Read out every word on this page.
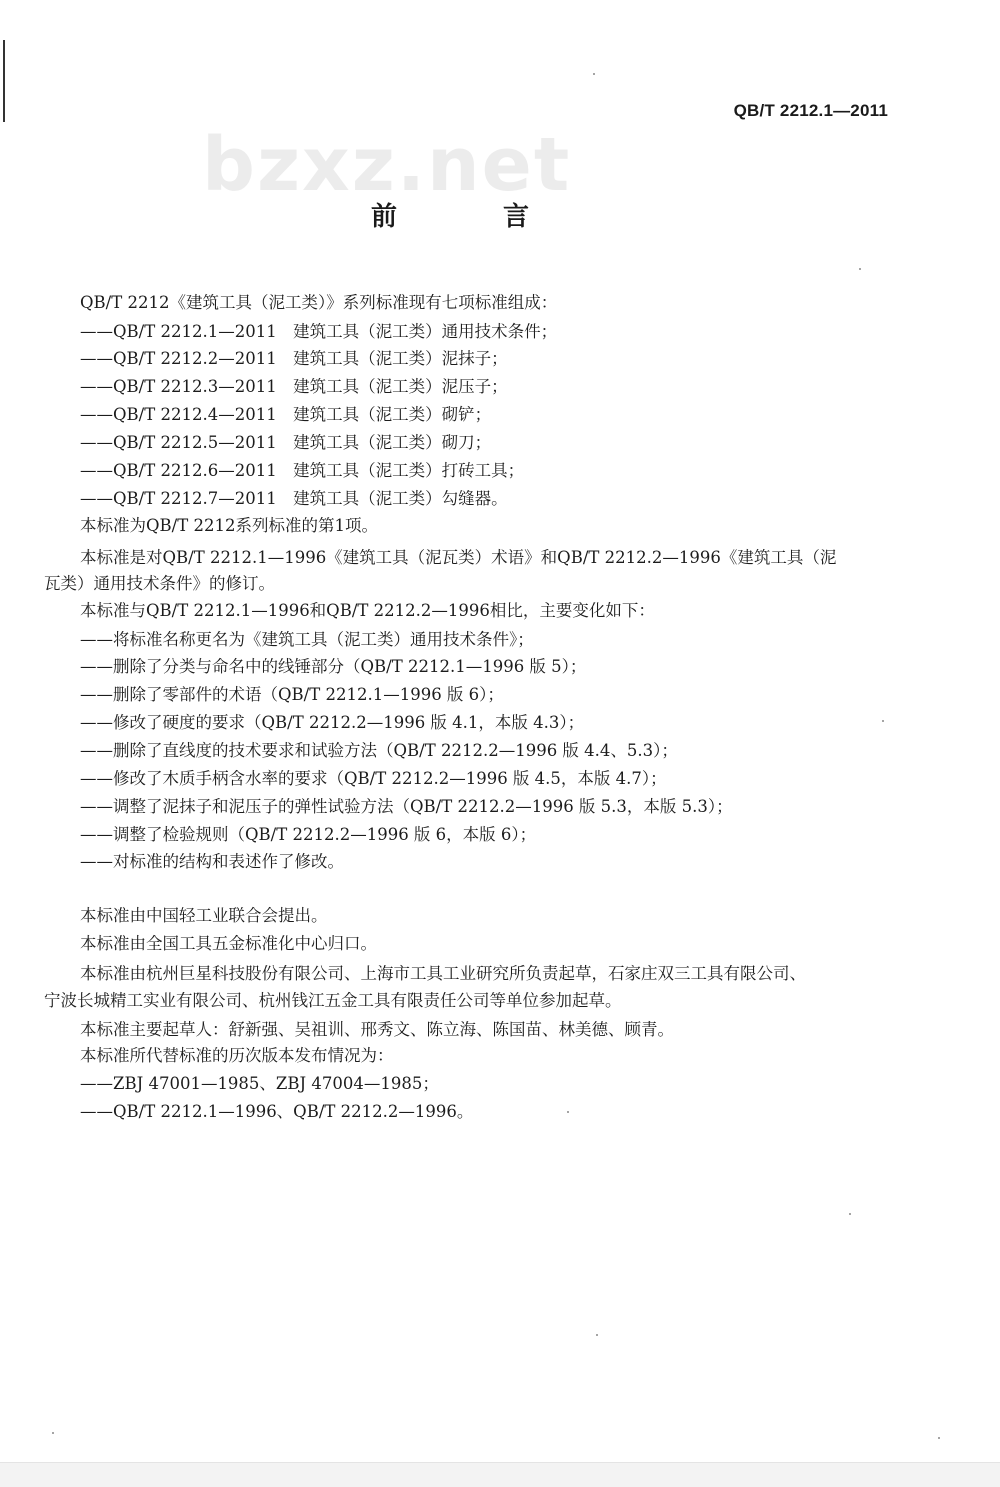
QB/T 2212.1—2011
bzxz.net
前　言
QB/T 2212《建筑工具（泥工类）》系列标准现有七项标准组成：
——QB/T 2212.1—2011　建筑工具（泥工类）通用技术条件；
——QB/T 2212.2—2011　建筑工具（泥工类）泥抹子；
——QB/T 2212.3—2011　建筑工具（泥工类）泥压子；
——QB/T 2212.4—2011　建筑工具（泥工类）砌铲；
——QB/T 2212.5—2011　建筑工具（泥工类）砌刀；
——QB/T 2212.6—2011　建筑工具（泥工类）打砖工具；
——QB/T 2212.7—2011　建筑工具（泥工类）勾缝器。
本标准为QB/T 2212系列标准的第1项。
本标准是对QB/T 2212.1—1996《建筑工具（泥瓦类）术语》和QB/T 2212.2—1996《建筑工具（泥
瓦类）通用技术条件》的修订。
本标准与QB/T 2212.1—1996和QB/T 2212.2—1996相比，主要变化如下：
——将标准名称更名为《建筑工具（泥工类）通用技术条件》；
——删除了分类与命名中的线锤部分（QB/T 2212.1—1996 版 5）；
——删除了零部件的术语（QB/T 2212.1—1996 版 6）；
——修改了硬度的要求（QB/T 2212.2—1996 版 4.1，本版 4.3）；
——删除了直线度的技术要求和试验方法（QB/T 2212.2—1996 版 4.4、5.3）；
——修改了木质手柄含水率的要求（QB/T 2212.2—1996 版 4.5，本版 4.7）；
——调整了泥抹子和泥压子的弹性试验方法（QB/T 2212.2—1996 版 5.3，本版 5.3）；
——调整了检验规则（QB/T 2212.2—1996 版 6，本版 6）；
——对标准的结构和表述作了修改。
本标准由中国轻工业联合会提出。
本标准由全国工具五金标准化中心归口。
本标准由杭州巨星科技股份有限公司、上海市工具工业研究所负责起草，石家庄双三工具有限公司、
宁波长城精工实业有限公司、杭州钱江五金工具有限责任公司等单位参加起草。
本标准主要起草人：舒新强、吴祖训、邢秀文、陈立海、陈国苗、林美德、顾青。
本标准所代替标准的历次版本发布情况为：
——ZBJ 47001—1985、ZBJ 47004—1985；
——QB/T 2212.1—1996、QB/T 2212.2—1996。
